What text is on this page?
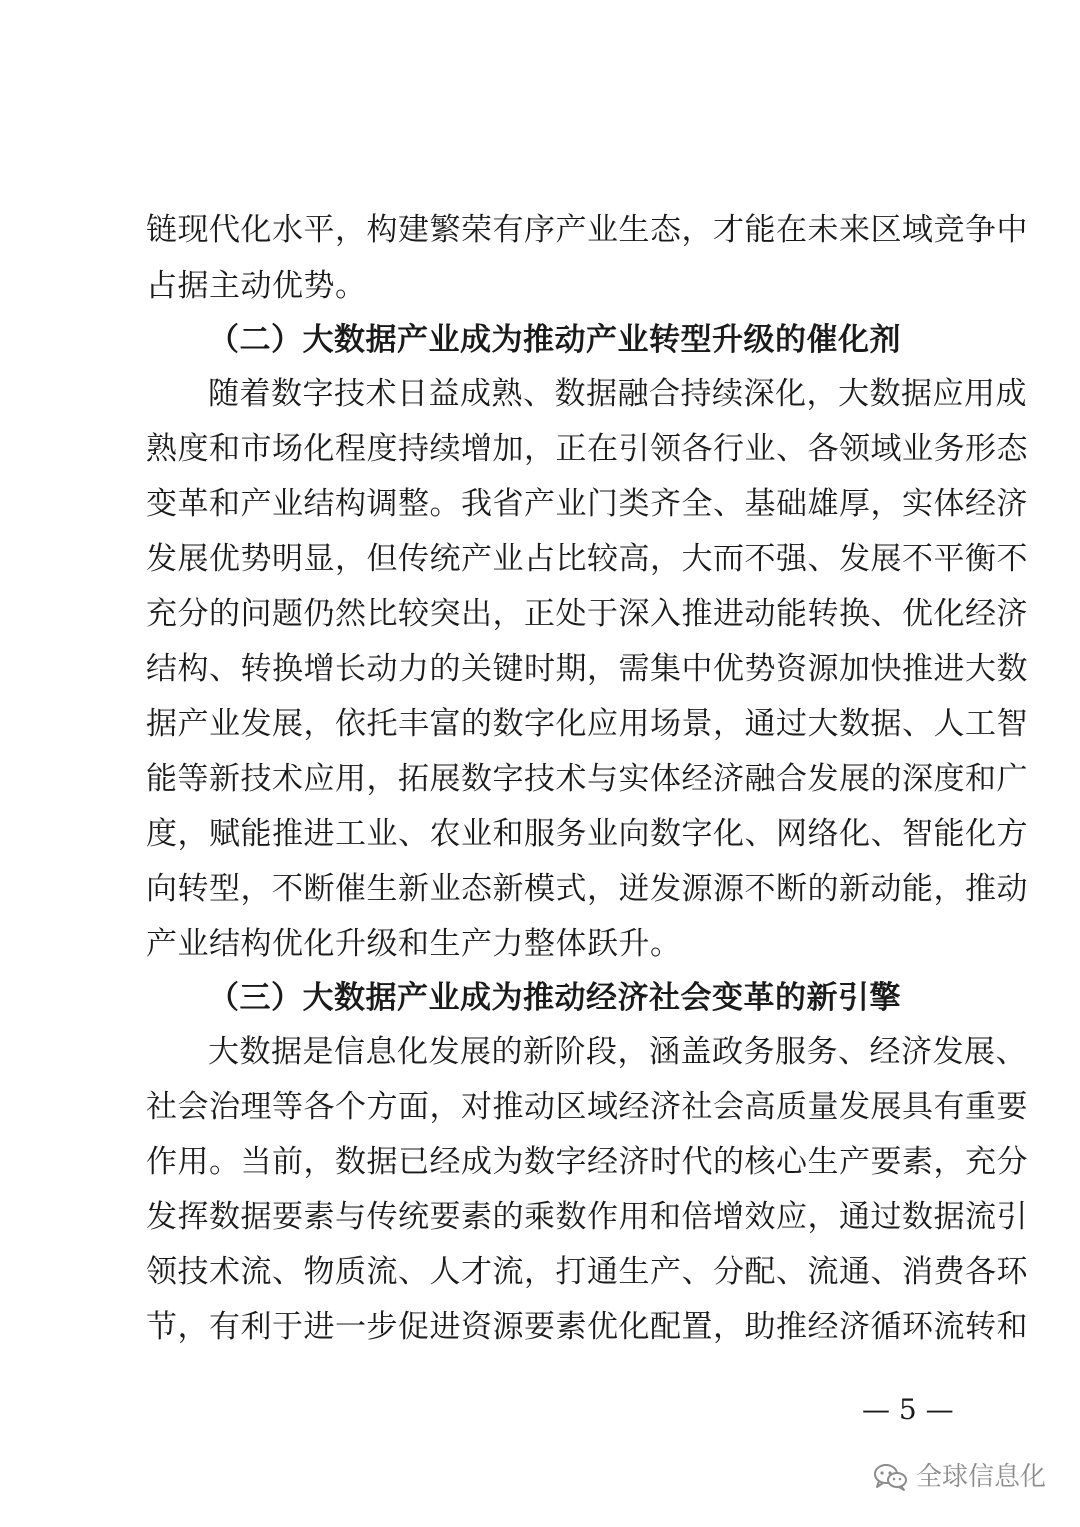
链现代化水平，构建繁荣有序产业生态，才能在未来区域竞争中
占据主动优势。
（二）大数据产业成为推动产业转型升级的催化剂
随着数字技术日益成熟、数据融合持续深化，大数据应用成
熟度和市场化程度持续增加，正在引领各行业、各领域业务形态
变革和产业结构调整。我省产业门类齐全、基础雄厚，实体经济
发展优势明显，但传统产业占比较高，大而不强、发展不平衡不
充分的问题仍然比较突出，正处于深入推进动能转换、优化经济
结构、转换增长动力的关键时期，需集中优势资源加快推进大数
据产业发展，依托丰富的数字化应用场景，通过大数据、人工智
能等新技术应用，拓展数字技术与实体经济融合发展的深度和广
度，赋能推进工业、农业和服务业向数字化、网络化、智能化方
向转型，不断催生新业态新模式，迸发源源不断的新动能，推动
产业结构优化升级和生产力整体跃升。
（三）大数据产业成为推动经济社会变革的新引擎
大数据是信息化发展的新阶段，涵盖政务服务、经济发展、
社会治理等各个方面，对推动区域经济社会高质量发展具有重要
作用。当前，数据已经成为数字经济时代的核心生产要素，充分
发挥数据要素与传统要素的乘数作用和倍增效应，通过数据流引
领技术流、物质流、人才流，打通生产、分配、流通、消费各环
节，有利于进一步促进资源要素优化配置，助推经济循环流转和
— 5 —
全球信息化
